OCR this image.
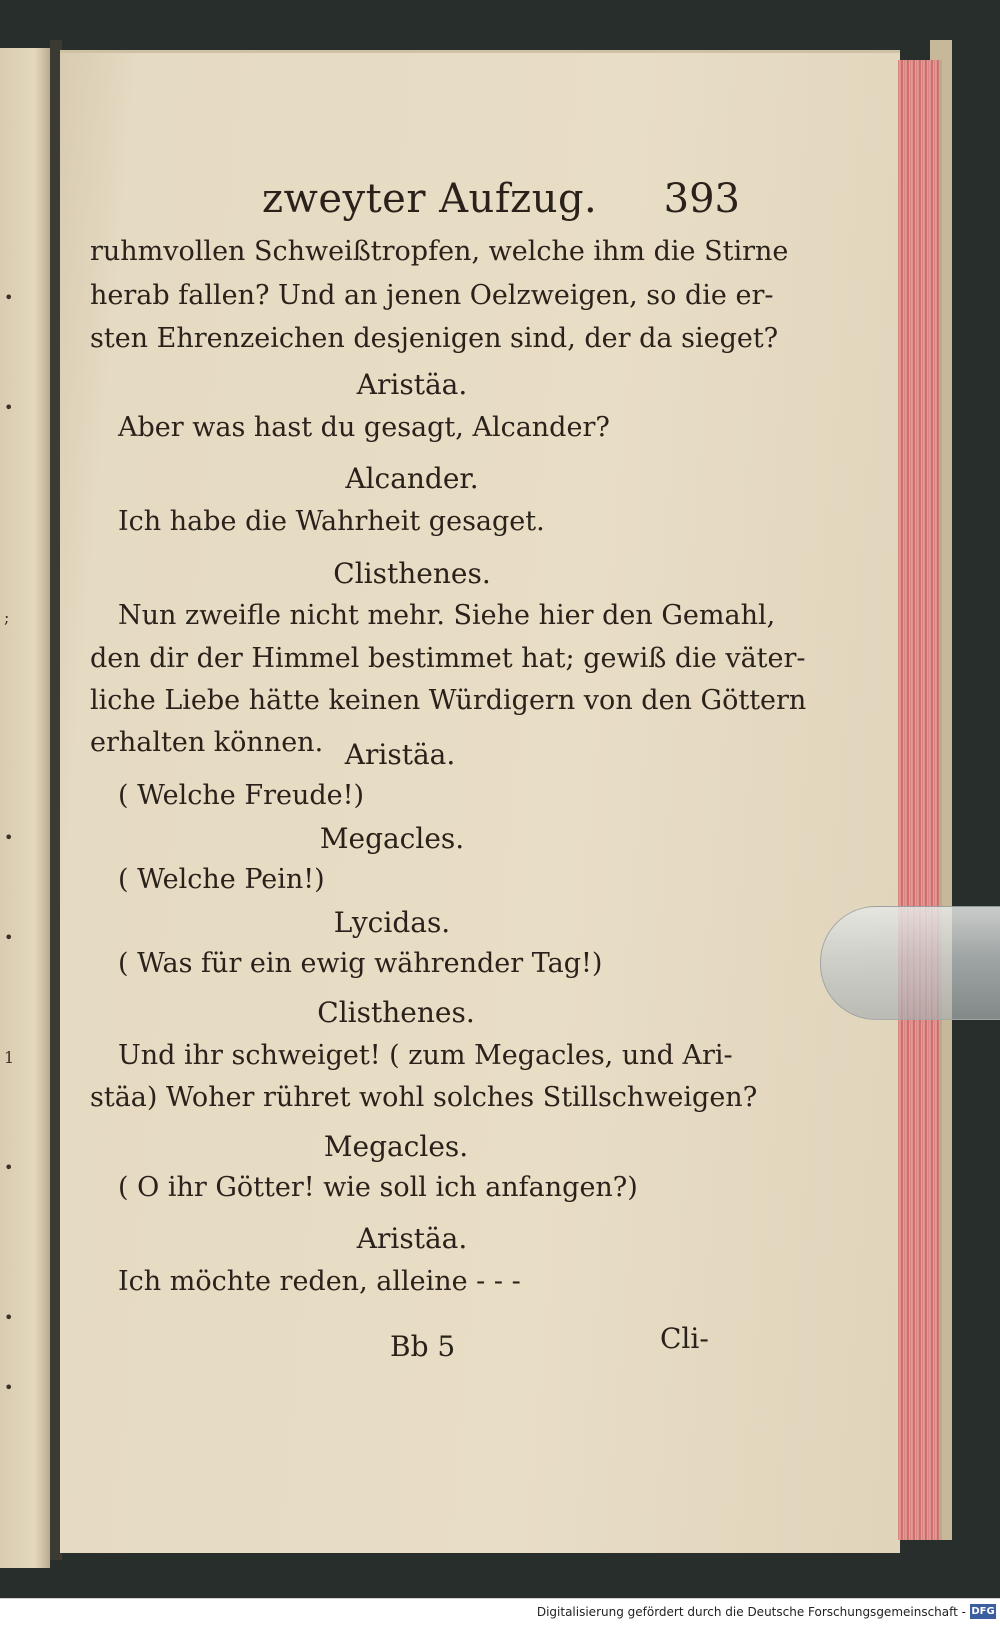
•
•
;
•
•
1
•
•
•
zweyter Aufzug. 393
ruhmvollen Schweißtropfen, welche ihm die Stirne
herab fallen? Und an jenen Oelzweigen, so die er-
sten Ehrenzeichen desjenigen sind, der da sieget?
Aristäa.
Aber was hast du gesagt, Alcander?
Alcander.
Ich habe die Wahrheit gesaget.
Clisthenes.
Nun zweifle nicht mehr. Siehe hier den Gemahl,
den dir der Himmel bestimmet hat; gewiß die väter-
liche Liebe hätte keinen Würdigern von den Göttern
erhalten können. Aristäa.
( Welche Freude!)
Megacles.
( Welche Pein!)
Lycidas.
( Was für ein ewig währender Tag!)
Clisthenes.
Und ihr schweiget! ( zum Megacles, und Ari-
stäa) Woher rühret wohl solches Stillschweigen?
Megacles.
( O ihr Götter! wie soll ich anfangen?)
Aristäa.
Ich möchte reden, alleine - - -
Bb 5	Cli-
Digitalisierung gefördert durch die Deutsche Forschungsgemeinschaft - DFG
